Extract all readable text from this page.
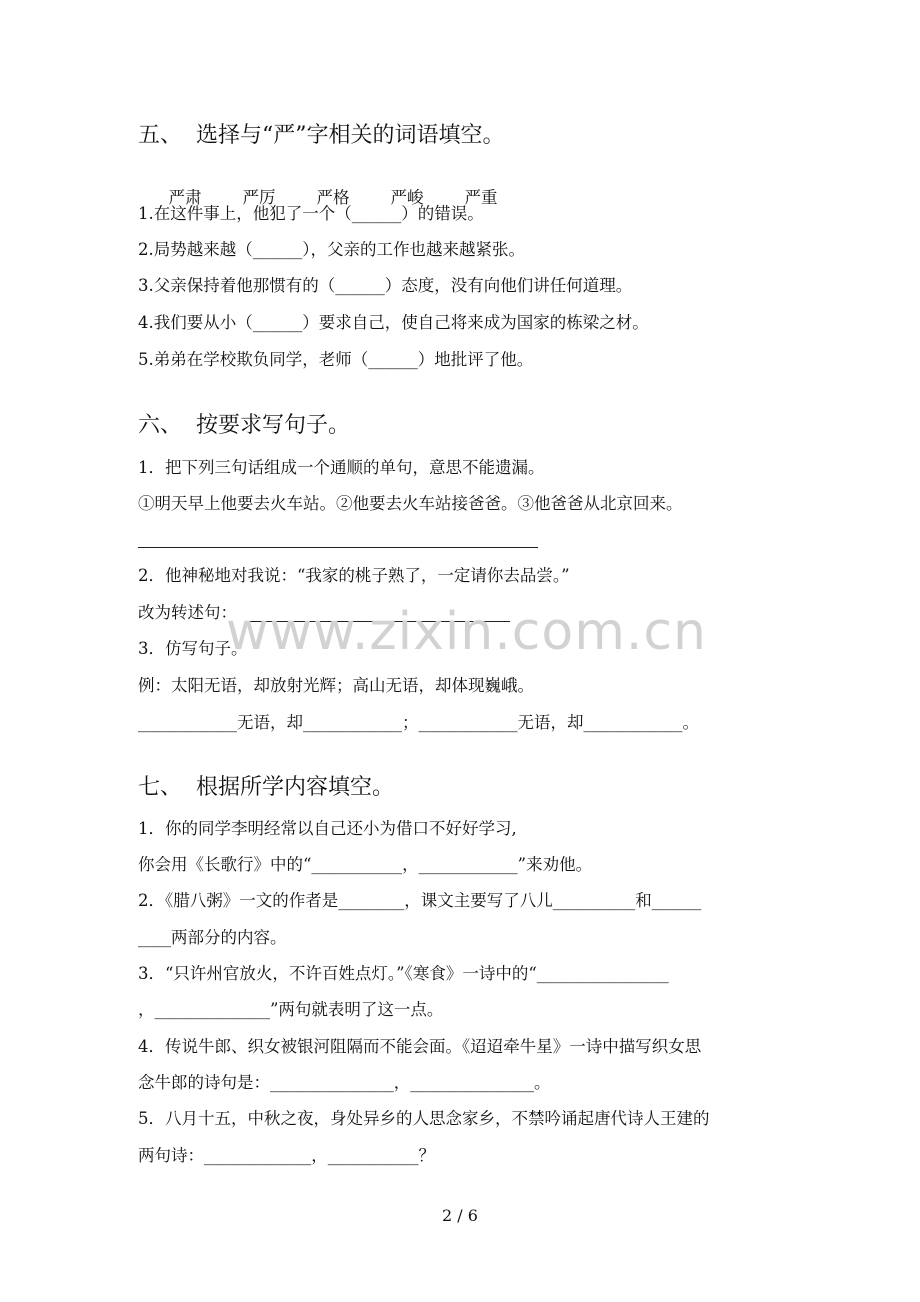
五、  选择与“严”字相关的词语填空。

严肃 严厉 严格 严峻 严重

1.在这件事上，他犯了一个（______）的错误。
2.局势越来越（______），父亲的工作也越来越紧张。
3.父亲保持着他那惯有的（______）态度，没有向他们讲任何道理。
4.我们要从小（______）要求自己，使自己将来成为国家的栋梁之材。
5.弟弟在学校欺负同学，老师（______）地批评了他。
六、  按要求写句子。
1．把下列三句话组成一个通顺的单句，意思不能遗漏。
①明天早上他要去火车站。②他要去火车站接爸爸。③他爸爸从北京回来。
2．他神秘地对我说：“我家的桃子熟了，一定请你去品尝。”
改为转述句：
3．仿写句子。
例：太阳无语，却放射光辉；高山无语，却体现巍峨。
____________无语，却____________；____________无语，却____________。
七、  根据所学内容填空。
1．你的同学李明经常以自己还小为借口不好好学习,
你会用《长歌行》中的“___________，____________”来劝他。
2．《腊八粥》一文的作者是________，课文主要写了八儿__________和______
____两部分的内容。
3．“只许州官放火，不许百姓点灯。”《寒食》一诗中的“________________
，______________”两句就表明了这一点。
4．传说牛郎、织女被银河阻隔而不能会面。《迢迢牵牛星》一诗中描写织女思
念牛郎的诗句是：_______________，_______________。
5．八月十五，中秋之夜，身处异乡的人思念家乡，不禁吟诵起唐代诗人王建的
两句诗：_____________，___________？
www.zixin.com.cn
2 / 6
